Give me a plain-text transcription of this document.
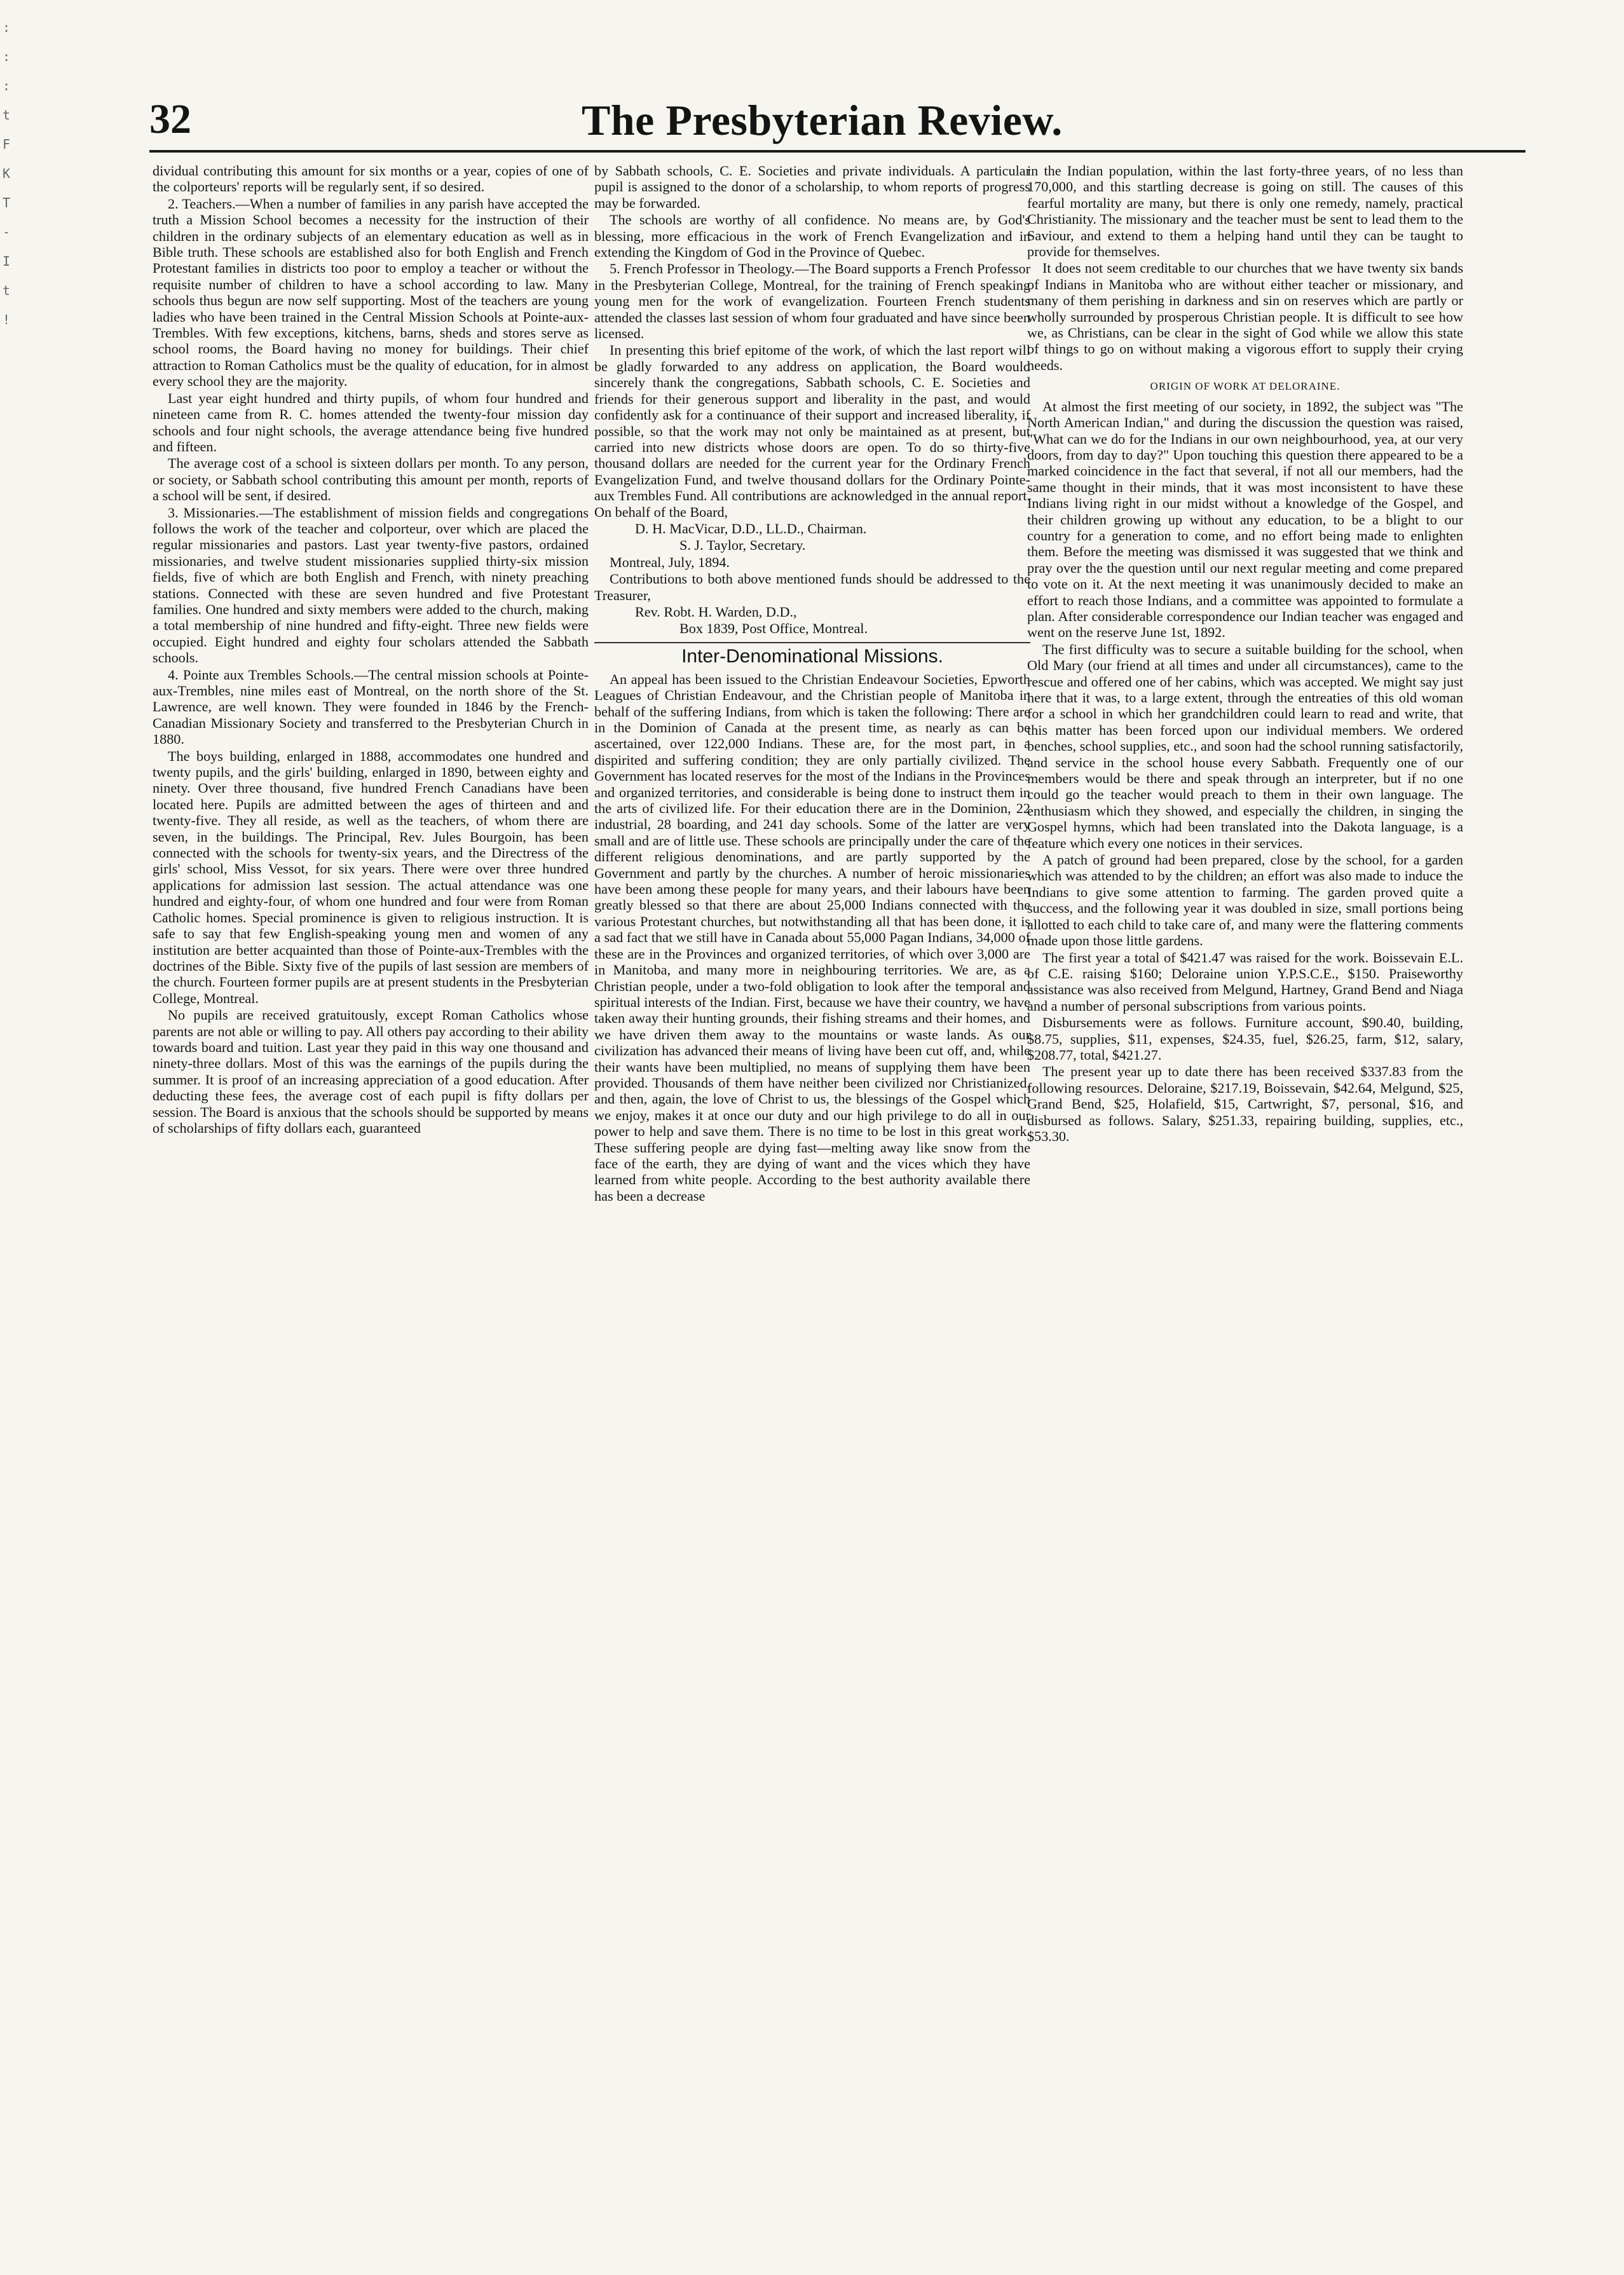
:
:
:
t
F
K
T
-
I
t
!
32	The Presbyterian Review.

dividual contributing this amount for six months or a year, copies of one of the colporteurs' reports will be regularly sent, if so desired.

2. Teachers.—When a number of families in any parish have accepted the truth a Mission School becomes a necessity for the instruction of their children in the ordinary subjects of an elementary education as well as in Bible truth. These schools are established also for both English and French Protestant families in districts too poor to employ a teacher or without the requisite number of children to have a school according to law. Many schools thus begun are now self supporting. Most of the teachers are young ladies who have been trained in the Central Mission Schools at Pointe-aux-Trembles. With few exceptions, kitchens, barns, sheds and stores serve as school rooms, the Board having no money for buildings. Their chief attraction to Roman Catholics must be the quality of education, for in almost every school they are the majority.

Last year eight hundred and thirty pupils, of whom four hundred and nineteen came from R. C. homes attended the twenty-four mission day schools and four night schools, the average attendance being five hundred and fifteen.

The average cost of a school is sixteen dollars per month. To any person, or society, or Sabbath school contributing this amount per month, reports of a school will be sent, if desired.

3. Missionaries.—The establishment of mission fields and congregations follows the work of the teacher and colporteur, over which are placed the regular missionaries and pastors. Last year twenty-five pastors, ordained missionaries, and twelve student missionaries supplied thirty-six mission fields, five of which are both English and French, with ninety preaching stations. Connected with these are seven hundred and five Protestant families. One hundred and sixty members were added to the church, making a total membership of nine hundred and fifty-eight. Three new fields were occupied. Eight hundred and eighty four scholars attended the Sabbath schools.

4. Pointe aux Trembles Schools.—The central mission schools at Pointe-aux-Trembles, nine miles east of Montreal, on the north shore of the St. Lawrence, are well known. They were founded in 1846 by the French-Canadian Missionary Society and transferred to the Presbyterian Church in 1880.

The boys building, enlarged in 1888, accommodates one hundred and twenty pupils, and the girls' building, enlarged in 1890, between eighty and ninety. Over three thousand, five hundred French Canadians have been located here. Pupils are admitted between the ages of thirteen and and twenty-five. They all reside, as well as the teachers, of whom there are seven, in the buildings. The Principal, Rev. Jules Bourgoin, has been connected with the schools for twenty-six years, and the Directress of the girls' school, Miss Vessot, for six years. There were over three hundred applications for admission last session. The actual attendance was one hundred and eighty-four, of whom one hundred and four were from Roman Catholic homes. Special prominence is given to religious instruction. It is safe to say that few English-speaking young men and women of any institution are better acquainted than those of Pointe-aux-Trembles with the doctrines of the Bible. Sixty five of the pupils of last session are members of the church. Fourteen former pupils are at present students in the Presbyterian College, Montreal.

No pupils are received gratuitously, except Roman Catholics whose parents are not able or willing to pay. All others pay according to their ability towards board and tuition. Last year they paid in this way one thousand and ninety-three dollars. Most of this was the earnings of the pupils during the summer. It is proof of an increasing appreciation of a good education. After deducting these fees, the average cost of each pupil is fifty dollars per session. The Board is anxious that the schools should be supported by means of scholarships of fifty dollars each, guaranteed

by Sabbath schools, C. E. Societies and private individuals. A particular pupil is assigned to the donor of a scholarship, to whom reports of progress may be forwarded.

The schools are worthy of all confidence. No means are, by God's blessing, more efficacious in the work of French Evangelization and in extending the Kingdom of God in the Province of Quebec.

5. French Professor in Theology.—The Board supports a French Professor in the Presbyterian College, Montreal, for the training of French speaking young men for the work of evangelization. Fourteen French students attended the classes last session of whom four graduated and have since been licensed.

In presenting this brief epitome of the work, of which the last report will be gladly forwarded to any address on application, the Board would sincerely thank the congregations, Sabbath schools, C. E. Societies and friends for their generous support and liberality in the past, and would confidently ask for a continuance of their support and increased liberality, if possible, so that the work may not only be maintained as at present, but carried into new districts whose doors are open. To do so thirty-five thousand dollars are needed for the current year for the Ordinary French Evangelization Fund, and twelve thousand dollars for the Ordinary Pointe-aux Trembles Fund. All contributions are acknowledged in the annual report. On behalf of the Board,

D. H. MacVicar, D.D., LL.D., Chairman.

S. J. Taylor, Secretary.

Montreal, July, 1894.

Contributions to both above mentioned funds should be addressed to the Treasurer,

Rev. Robt. H. Warden, D.D.,

Box 1839, Post Office, Montreal.

Inter-Denominational Missions.

An appeal has been issued to the Christian Endeavour Societies, Epworth Leagues of Christian Endeavour, and the Christian people of Manitoba in behalf of the suffering Indians, from which is taken the following: There are in the Dominion of Canada at the present time, as nearly as can be ascertained, over 122,000 Indians. These are, for the most part, in a dispirited and suffering condition; they are only partially civilized. The Government has located reserves for the most of the Indians in the Provinces and organized territories, and considerable is being done to instruct them in the arts of civilized life. For their education there are in the Dominion, 22 industrial, 28 boarding, and 241 day schools. Some of the latter are very small and are of little use. These schools are principally under the care of the different religious denominations, and are partly supported by the Government and partly by the churches. A number of heroic missionaries have been among these people for many years, and their labours have been greatly blessed so that there are about 25,000 Indians connected with the various Protestant churches, but notwithstanding all that has been done, it is a sad fact that we still have in Canada about 55,000 Pagan Indians, 34,000 of these are in the Provinces and organized territories, of which over 3,000 are in Manitoba, and many more in neighbouring territories. We are, as a Christian people, under a two-fold obligation to look after the temporal and spiritual interests of the Indian. First, because we have their country, we have taken away their hunting grounds, their fishing streams and their homes, and we have driven them away to the mountains or waste lands. As our civilization has advanced their means of living have been cut off, and, while their wants have been multiplied, no means of supplying them have been provided. Thousands of them have neither been civilized nor Christianized, and then, again, the love of Christ to us, the blessings of the Gospel which we enjoy, makes it at once our duty and our high privilege to do all in our power to help and save them. There is no time to be lost in this great work. These suffering people are dying fast—melting away like snow from the face of the earth, they are dying of want and the vices which they have learned from white people. According to the best authority available there has been a decrease

in the Indian population, within the last forty-three years, of no less than 170,000, and this startling decrease is going on still. The causes of this fearful mortality are many, but there is only one remedy, namely, practical Christianity. The missionary and the teacher must be sent to lead them to the Saviour, and extend to them a helping hand until they can be taught to provide for themselves.

It does not seem creditable to our churches that we have twenty six bands of Indians in Manitoba who are without either teacher or missionary, and many of them perishing in darkness and sin on reserves which are partly or wholly surrounded by prosperous Christian people. It is difficult to see how we, as Christians, can be clear in the sight of God while we allow this state of things to go on without making a vigorous effort to supply their crying needs.

ORIGIN OF WORK AT DELORAINE.

At almost the first meeting of our society, in 1892, the subject was "The North American Indian," and during the discussion the question was raised, "What can we do for the Indians in our own neighbourhood, yea, at our very doors, from day to day?" Upon touching this question there appeared to be a marked coincidence in the fact that several, if not all our members, had the same thought in their minds, that it was most inconsistent to have these Indians living right in our midst without a knowledge of the Gospel, and their children growing up without any education, to be a blight to our country for a generation to come, and no effort being made to enlighten them. Before the meeting was dismissed it was suggested that we think and pray over the the question until our next regular meeting and come prepared to vote on it. At the next meeting it was unanimously decided to make an effort to reach those Indians, and a committee was appointed to formulate a plan. After considerable correspondence our Indian teacher was engaged and went on the reserve June 1st, 1892.

The first difficulty was to secure a suitable building for the school, when Old Mary (our friend at all times and under all circumstances), came to the rescue and offered one of her cabins, which was accepted. We might say just here that it was, to a large extent, through the entreaties of this old woman for a school in which her grandchildren could learn to read and write, that this matter has been forced upon our individual members. We ordered benches, school supplies, etc., and soon had the school running satisfactorily, and service in the school house every Sabbath. Frequently one of our members would be there and speak through an interpreter, but if no one could go the teacher would preach to them in their own language. The enthusiasm which they showed, and especially the children, in singing the Gospel hymns, which had been translated into the Dakota language, is a feature which every one notices in their services.

A patch of ground had been prepared, close by the school, for a garden which was attended to by the children; an effort was also made to induce the Indians to give some attention to farming. The garden proved quite a success, and the following year it was doubled in size, small portions being allotted to each child to take care of, and many were the flattering comments made upon those little gardens.

The first year a total of $421.47 was raised for the work. Boissevain E.L. of C.E. raising $160; Deloraine union Y.P.S.C.E., $150. Praiseworthy assistance was also received from Melgund, Hartney, Grand Bend and Niaga and a number of personal subscriptions from various points.

Disbursements were as follows. Furniture account, $90.40, building, $8.75, supplies, $11, expenses, $24.35, fuel, $26.25, farm, $12, salary, $208.77, total, $421.27.

The present year up to date there has been received $337.83 from the following resources. Deloraine, $217.19, Boissevain, $42.64, Melgund, $25, Grand Bend, $25, Holafield, $15, Cartwright, $7, personal, $16, and disbursed as follows. Salary, $251.33, repairing building, supplies, etc., $53.30.
